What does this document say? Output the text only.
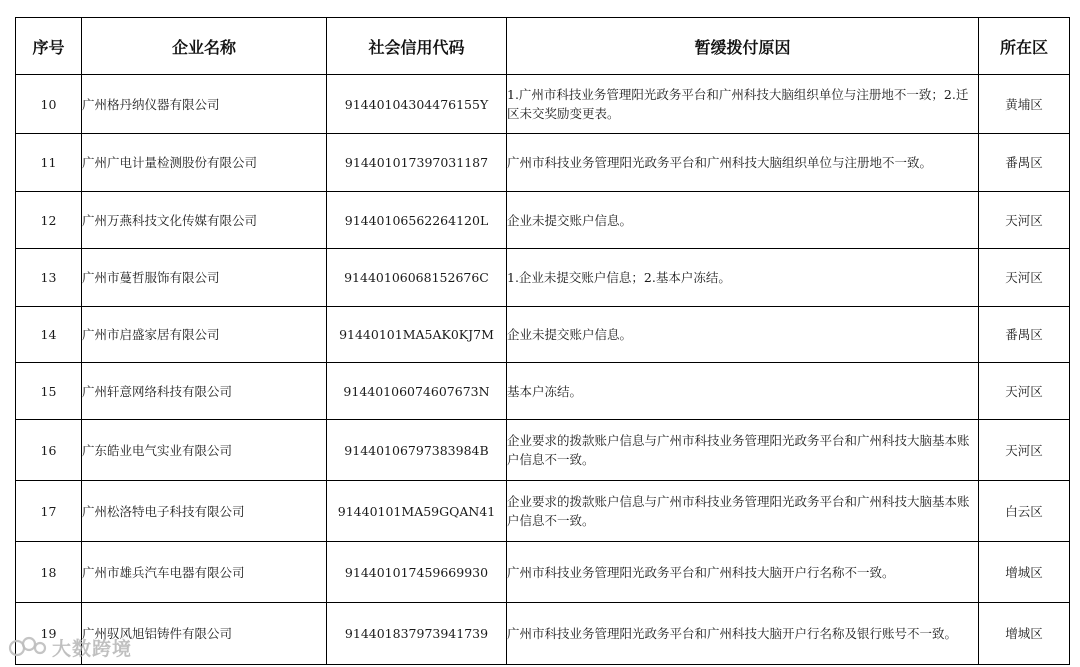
序号	企业名称	社会信用代码	暂缓拨付原因	所在区
10	广州格丹纳仪器有限公司	91440104304476155Y	1.广州市科技业务管理阳光政务平台和广州科技大脑组织单位与注册地不一致；2.迁区未交奖励变更表。	黄埔区
11	广州广电计量检测股份有限公司	914401017397031187	广州市科技业务管理阳光政务平台和广州科技大脑组织单位与注册地不一致。	番禺区
12	广州万燕科技文化传媒有限公司	91440106562264120L	企业未提交账户信息。	天河区
13	广州市蔓哲服饰有限公司	91440106068152676C	1.企业未提交账户信息；2.基本户冻结。	天河区
14	广州市启盛家居有限公司	91440101MA5AK0KJ7M	企业未提交账户信息。	番禺区
15	广州轩意网络科技有限公司	91440106074607673N	基本户冻结。	天河区
16	广东皓业电气实业有限公司	91440106797383984B	企业要求的拨款账户信息与广州市科技业务管理阳光政务平台和广州科技大脑基本账户信息不一致。	天河区
17	广州松洛特电子科技有限公司	91440101MA59GQAN41	企业要求的拨款账户信息与广州市科技业务管理阳光政务平台和广州科技大脑基本账户信息不一致。	白云区
18	广州市雄兵汽车电器有限公司	914401017459669930	广州市科技业务管理阳光政务平台和广州科技大脑开户行名称不一致。	增城区
19	广州驭风旭铝铸件有限公司	914401837973941739	广州市科技业务管理阳光政务平台和广州科技大脑开户行名称及银行账号不一致。	增城区
大数跨境
